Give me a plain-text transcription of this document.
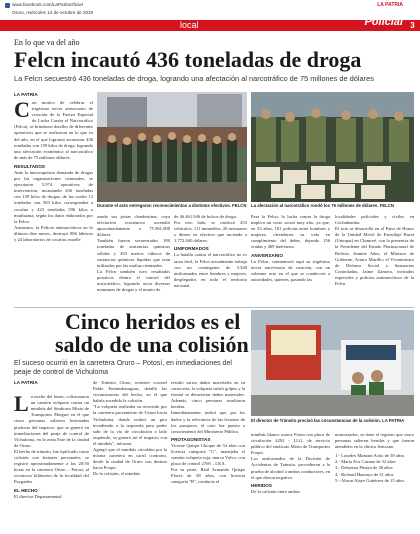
www.facebook.com/LaPatriaOficial
Oruro, miércoles 14 de octubre de 2020
local
LA PATRIA
Policial 3
En lo que va del año
Felcn incautó 436 toneladas de droga
La Felcn secuestró 436 toneladas de droga, logrando una afectación al narcotráfico de 75 millones de dólares
LA PATRIA
Con motivo de celebrar el trigésimo tercer aniversario de creación de la Fuerza Especial de Lucha Contra el Narcotráfico (Felcn), se brindaron detalles de diferentes operativos que se realizaron en lo que va del año, en el que lograron secuestrar 436 toneladas con 159 kilos de droga, logrando una afectación económica al narcotráfico de más de 75 millones dólares.
RESULTADOS
Ante la inescrupulosa demanda de drogas por las organizaciones criminales, se ejecutaron 5.974 operativos de intervención, incautando 436 toneladas con 159 kilos de drogas, de las cuales 12 toneladas con 563 kilos corresponden a cocaína y 423 toneladas 596 kilos a marihuana, según los datos elaborados por la Felcn.
Asimismo, la Policía antinarcóticos en lo últimos diez meses, destruyó 806 fábricas y 24 laboratorios de cocaína, muelle
Durante el acto entregaron reconocimientos a distintos efectivos. FELCN
zando sus pistas clandestinas, cuya afectación económica ascendió aproximadamente a 75.961.000 dólares.
También fueron secuestrados 180 toneladas de sustancias químicas sólidas y 493 metros cúbicos de sustancias químicas líquidas que eran utilizadas por las mafias criminales.
La Felcn también tuvo resultados positivos dentro el control del microtráfico, logrando secar diversas manzanas de drogas y el monto de
de 46.461.946 de bolsos de droga.
Por otro lado, se confiscó 453 vehículos, 111 inmuebles, 20 aeronaves y dinero en efectivo que asciende a 1.772.940 dólares.
UNIFORMADOS
La batalla contra el narcotráfico no es tarea fácil, la Felcn actualmente trabaja con un contingente de 3.340 uniformados entre hombres y mujeres, desplegados en todo el territorio nacional.
La afectación al narcotráfico rondó los 75 millones de dólares. FELCN
Para la Felcn, la lucha contra la droga implica un costo social muy alto, ya que, en 33 años, 181 policías entre hombres y mujeres, ofrendaron su vida en cumplimiento del deber, dejando 156 viudas y 469 huérfanos.
ANIVERSARIO
La Felcn, conmemoró aquí su trigésimo tercer aniversario de creación, con un solemne acto en el que se condecoró a autoridades, quienes, pasando las
localidades policiales y civiles en Cochabamba.
El acto se desarrolló en el Patio de Honor de la Unidad Móvil de Patrullaje Rural (Umopar) en Chimoré, con la presencia de la Presidente del Estado Plurinacional de Bolivia, Jeanine Añez, el Ministro de Gobierno, Arturo Murillo; el Viceministro de Defensa Social y Sustancias Controladas, Jaime Zamora, invitados especiales y policías antinarcóticos de la Felcn.
Cinco heridos es el
saldo de una colisión
El suceso ocurrió en la carretera Oruro – Potosí, en inmediaciones del peaje de control de Vichuloma
LA PATRIA

La noche del lunes, colisionaron un camión volqueta contra un minibús del Sindicato Mixto de Transportes Ebeguri en el que cinco personas salieron lesionadas producto del impacto; que se generó en inmediaciones del peaje de control de Vichuloma, en la zona Este de la ciudad de Oruro.
El hecho de tránsito, fue tipificado como colisión con lesiones personales, se registró aproximadamente a las 20:50 horas en la carretera Oruro – Potosí, al reconocer kilómetro de la localidad del Paygaden

EL HECHO
El director Departamental
de Tránsito Oruro, teniente coronel Pablo Entrambasaguas, detalló las circunstancias del hecho, en el que habría sucedido la colisión.
"La volqueta realizaba su recorrido por la carretera proveniente de Uyuni hacia Vichuloma, donde realizó un giro invadiendo a la izquierda para poder salir de la vía de circulación a lado izquierdo, se generó así el impacto con el minibús", informó.
Agregó que el minibús circulaba por la misma carretera en carril contrario, desde la ciudad de Oruro con destino hacia Poopó.
De la colisión, el minibús
resultó varios daños materiales en su carrocería, la volqueta sufrió golpes y la frontal se detuvieron daños materiales. Además, cinco personas resultaron heridas.
Inmediatamente, indicó que, por los daños y la relevancia de las lesiones de los pasajeros, el caso fue puesto a conocimiento del Ministerio Público.
PROTAGONISTAS
Vicente Quispe Choque de 54 años con licencia categoría "C", manejaba el camión volqueta roja, marca Volvo, con placa de control 2769 – LKA.
Por su parte, Raúl Armando Quispe Flores de 38 años, con licencia categoría "B", conducía el
El director de Tránsito precisó las circunstancias de la colisión. LA PATRIA
minibús blanco marca Foton con placa de circulación 4292 - LLG, de servicio público del sindicato Mixto de Transportes Poopó.
Los uniformados de la División de Accidentes de Tránsito, procedieron a la prueba de alcohol a ambos conductores, en el que dieron negativo.
HERIDOS
De la colisión entre ambos
motorizados, se tiene el registro que cinco personas salieron heridas y que fueron atendidos en la clínica Jenicano.
1.- Lourdes Mamani Acho de 39 años
2.- María Eva Cazuaz de 32 años
3.- Debymar Pinaya de 26 años
4.- Richard Huarayo de 31 años
5.- Alison Alaye Gutiérrez de 15 años
